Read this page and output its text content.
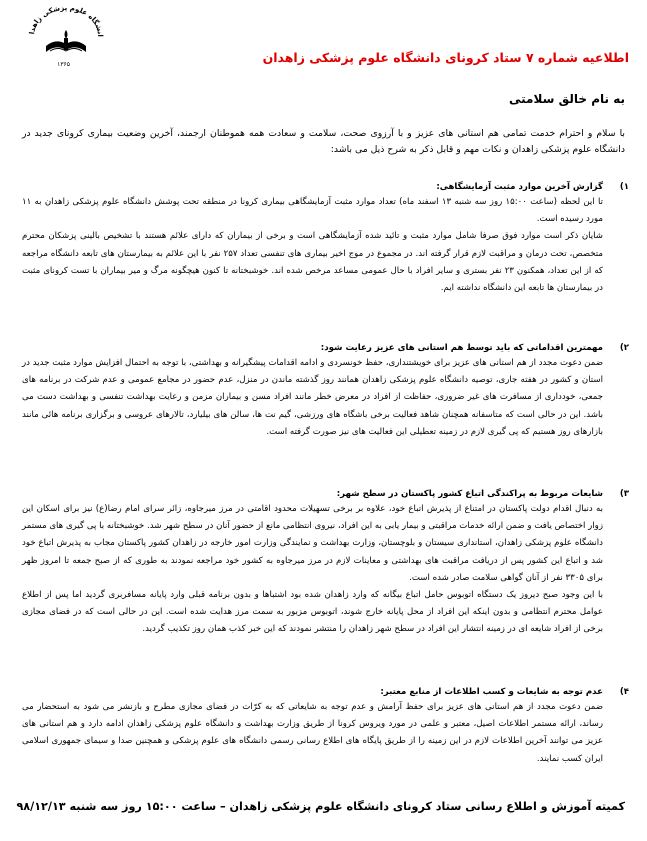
انشگاه علوم پزشکی زاهدا
۱۳۶۵	اطلاعیه شماره ۷ ستاد کرونای دانشگاه علوم پزشکی زاهدان
به نام خالق سلامتی
با سلام و احترام خدمت تمامی هم استانی های عزیز و با آرزوی صحت، سلامت و سعادت همه هموطنان ارجمند، آخرین وضعیت بیماری کرونای جدید در دانشگاه علوم پزشکی زاهدان و نکات مهم و قابل ذکر به شرح ذیل می باشد:
۱)
گزارش آخرین موارد مثبت آزمایشگاهی:

تا این لحظه (ساعت ۱۵:۰۰ روز سه شنبه ۱۳ اسفند ماه) تعداد موارد مثبت آزمایشگاهی بیماری کرونا در منطقه تحت پوشش دانشگاه علوم پزشکی زاهدان به ۱۱ مورد رسیده است.

شایان ذکر است موارد فوق صرفا شامل موارد مثبت و تائید شده آزمایشگاهی است و برخی از بیماران که دارای علائم هستند با تشخیص بالینی پزشکان محترم متخصص، تحت درمان و مراقبت لازم قرار گرفته اند. در مجموع در موج اخیر بیماری های تنفسی تعداد ۲۵۷ نفر با این علائم به بیمارستان های تابعه دانشگاه مراجعه که از این تعداد، همکنون ۲۳ نفر بستری و سایر افراد با حال عمومی مساعد مرخص شده اند. خوشبختانه تا کنون هیچگونه مرگ و میر بیماران با تست کرونای مثبت در بیمارستان ها تابعه این دانشگاه نداشته ایم.

۲)
مهمترین اقداماتی که باید توسط هم استانی های عزیز رعایت شود:

ضمن دعوت مجدد از هم استانی های عزیز برای خویشتنداری، حفظ خونسردی و ادامه اقدامات پیشگیرانه و بهداشتی، با توجه به احتمال افزایش موارد مثبت جدید در استان و کشور در هفته جاری، توصیه دانشگاه علوم پزشکی زاهدان همانند روز گذشته ماندن در منزل، عدم حضور در مجامع عمومی و عدم شرکت در برنامه های جمعی، خودداری از مسافرت های غیر ضروری، حفاظت از افراد در معرض خطر مانند افراد مسن و بیماران مزمن و رعایت بهداشت تنفسی و بهداشت دست می باشد. این در حالی است که متاسفانه همچنان شاهد فعالیت برخی باشگاه های ورزشی، گیم نت ها، سالن های بیلیارد، تالارهای عروسی و برگزاری برنامه هائی مانند بازارهای روز هستیم که پی گیری لازم در زمینه تعطیلی این فعالیت های نیز صورت گرفته است.

۳)
شایعات مربوط به پراکندگی اتباع کشور پاکستان در سطح شهر:

به دنبال اقدام دولت پاکستان در امتناع از پذیرش اتباع خود، علاوه بر برخی تسهیلات محدود اقامتی در مرز میرجاوه، زائر سرای امام رضا(ع) نیز برای اسکان این زوار اختصاص یافت و ضمن ارائه خدمات مراقبتی و بیمار یابی به این افراد، نیروی انتظامی مانع از حضور آنان در سطح شهر شد. خوشبختانه با پی گیری های مستمر دانشگاه علوم پزشکی زاهدان، استانداری سیستان و بلوچستان، وزارت بهداشت و نمایندگی وزارت امور خارجه در زاهدان کشور پاکستان مجاب به پذیرش اتباع خود شد و اتباع این کشور پس از دریافت مراقبت های بهداشتی و معاینات لازم در مرز میرجاوه به کشور خود مراجعه نمودند به طوری که از صبح جمعه تا امروز ظهر برای ۳۳۰۵ نفر از آنان گواهی سلامت صادر شده است.

با این وجود صبح دیروز یک دستگاه اتوبوس حامل اتباع بیگانه که وارد زاهدان شده بود اشتباها و بدون برنامه قبلی وارد پایانه مسافربری گردید اما پس از اطلاع عوامل محترم انتظامی و بدون اینکه این افراد از محل پایانه خارج شوند، اتوبوس مزبور به سمت مرز هدایت شده است. این در حالی است که در فضای مجازی برخی از افراد شایعه ای در زمینه انتشار این افراد در سطح شهر زاهدان را منتشر نمودند که این خبر کذب همان روز تکذیب گردید.

۴)
عدم توجه به شایعات و کسب اطلاعات از منابع معتبر:

ضمن دعوت مجدد از هم استانی های عزیز برای حفظ آرامش و عدم توجه به شایعاتی که به کرّات در فضای مجازی مطرح و بازنشر می شود به استحضار می رساند، ارائه مستمر اطلاعات اصیل، معتبر و علمی در مورد ویروس کرونا از طریق وزارت بهداشت و دانشگاه علوم پزشکی زاهدان ادامه دارد و هم استانی های عزیز می توانند آخرین اطلاعات لازم در این زمینه را از طریق پایگاه های اطلاع رسانی رسمی دانشگاه های علوم پزشکی و همچنین صدا و سیمای جمهوری اسلامی ایران کسب نمایند.

کمیته آموزش و اطلاع رسانی ستاد کرونای دانشگاه علوم پزشکی زاهدان – ساعت ۱۵:۰۰ روز سه شنبه ۹۸/۱۲/۱۳
